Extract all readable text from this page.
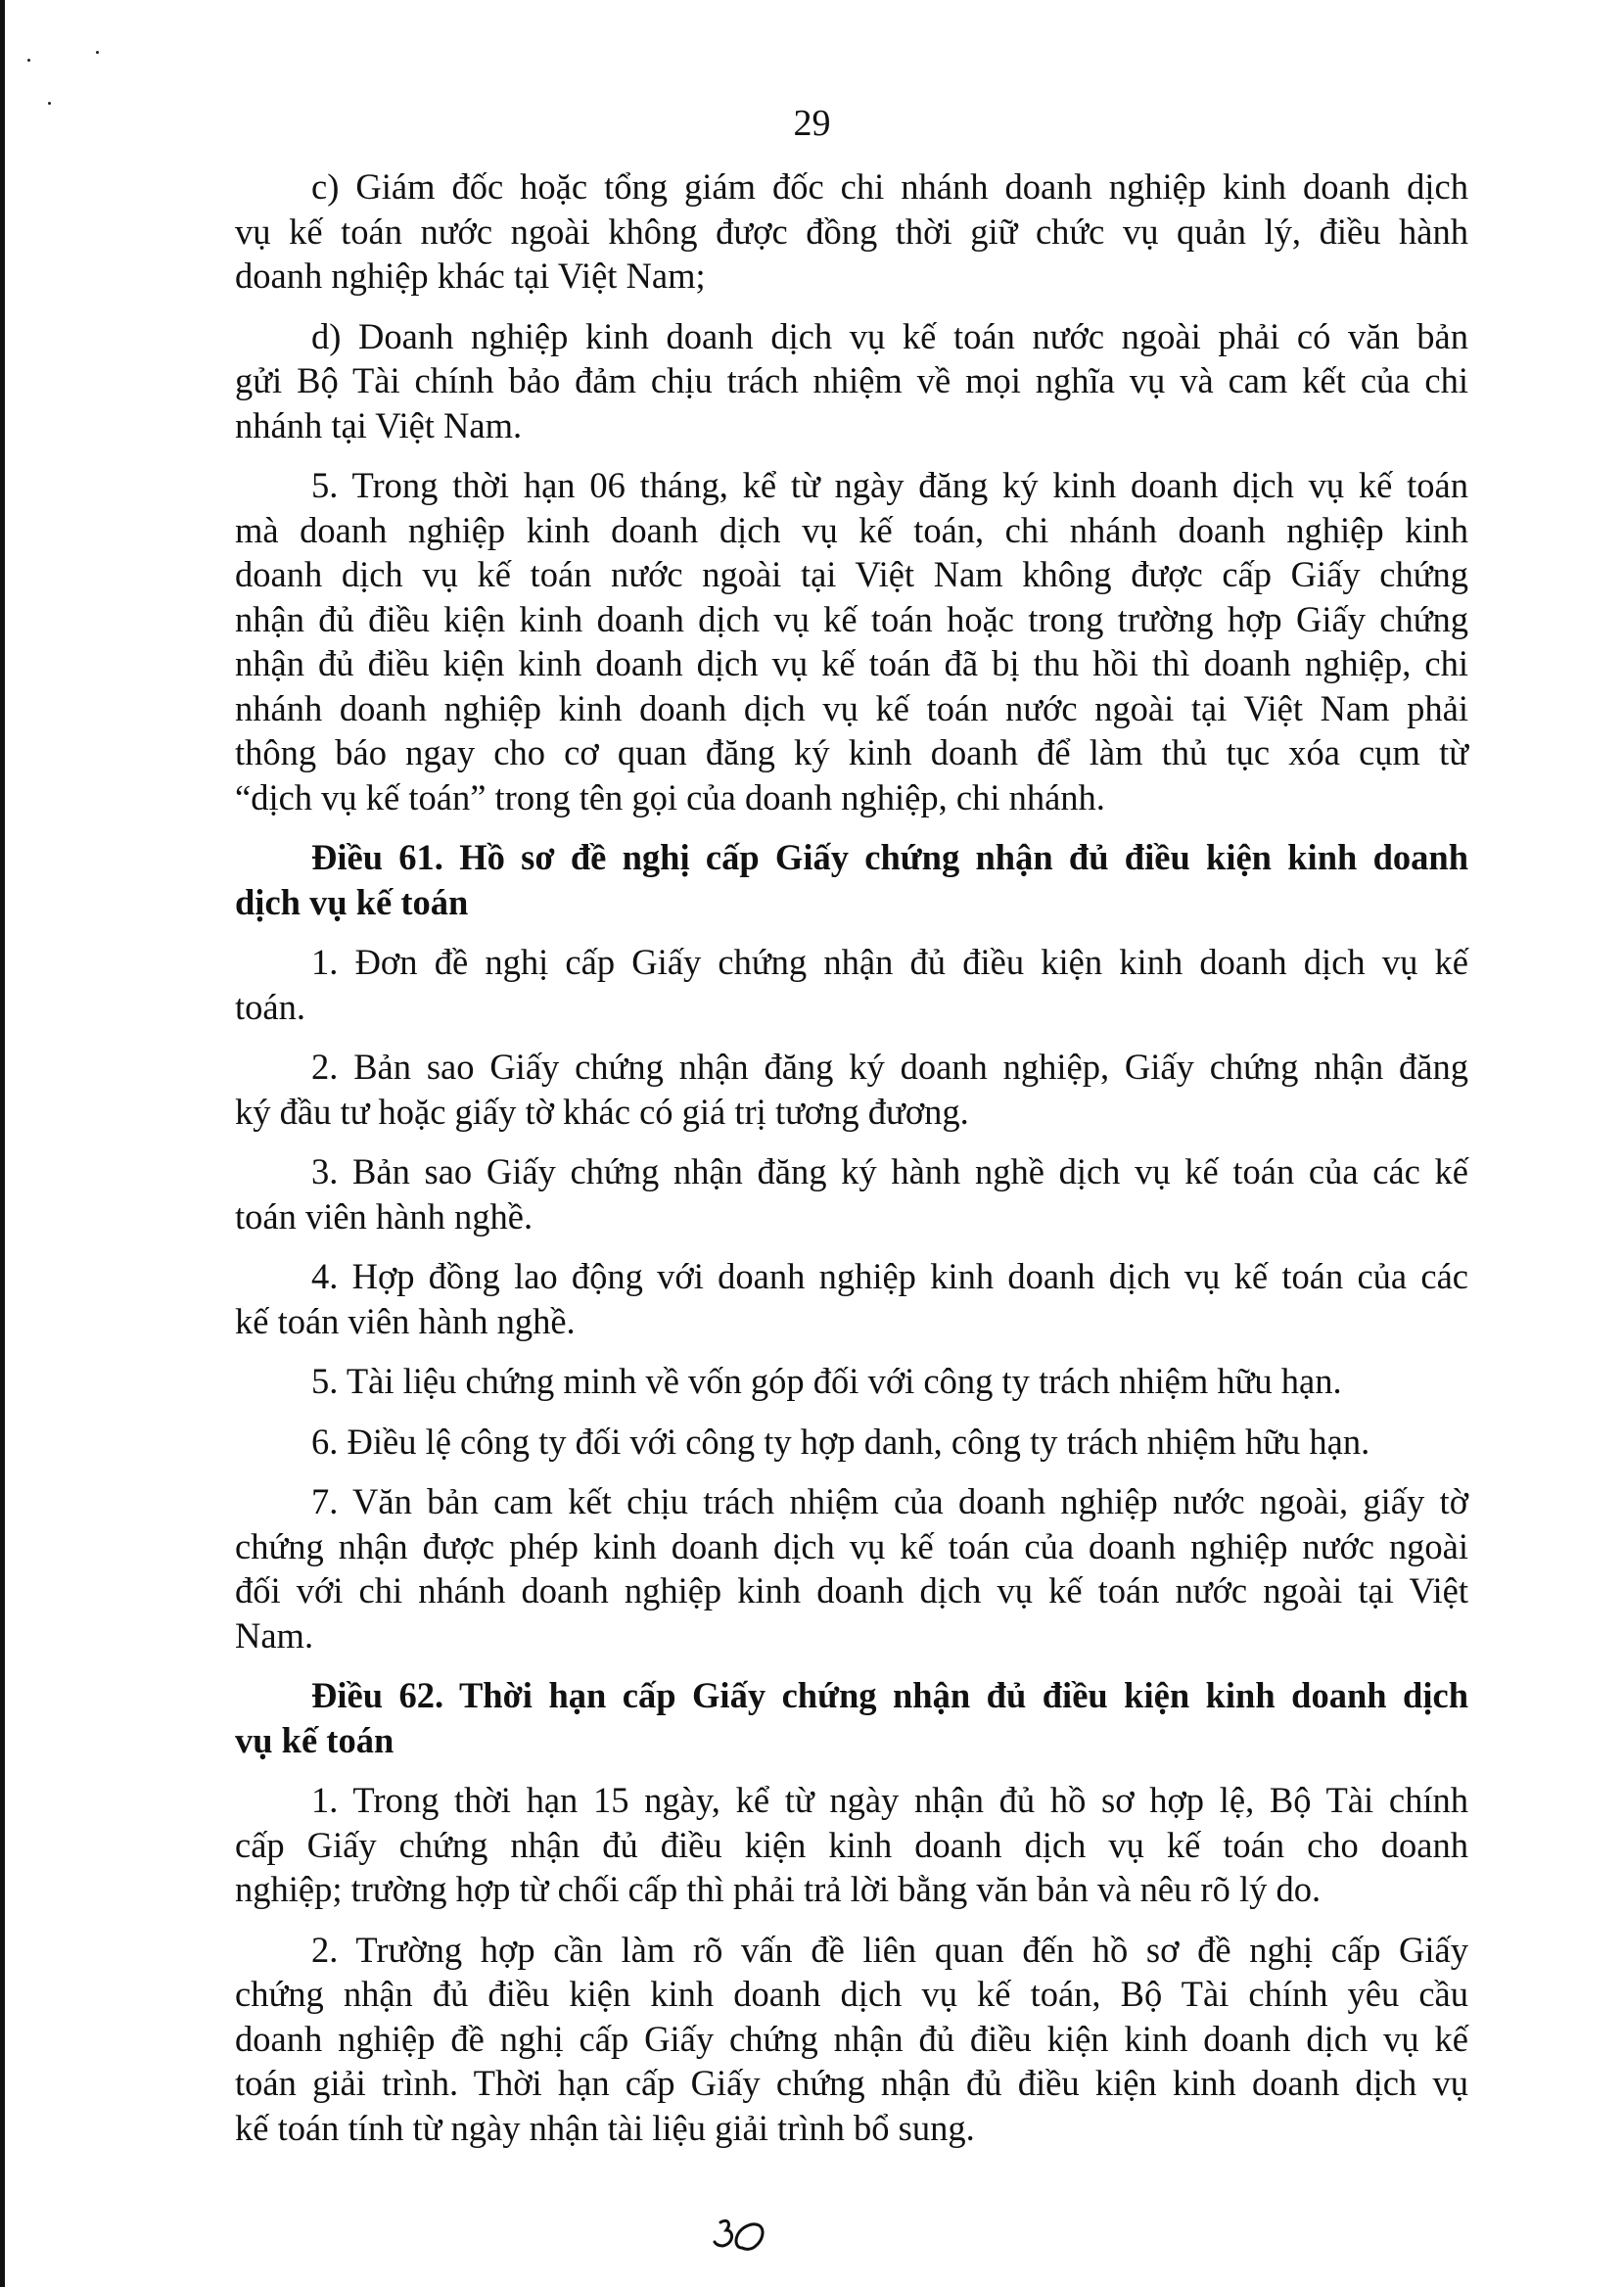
29
c) Giám đốc hoặc tổng giám đốc chi nhánh doanh nghiệp kinh doanh dịch
vụ kế toán nước ngoài không được đồng thời giữ chức vụ quản lý, điều hành
doanh nghiệp khác tại Việt Nam;
d) Doanh nghiệp kinh doanh dịch vụ kế toán nước ngoài phải có văn bản
gửi Bộ Tài chính bảo đảm chịu trách nhiệm về mọi nghĩa vụ và cam kết của chi
nhánh tại Việt Nam.
5. Trong thời hạn 06 tháng, kể từ ngày đăng ký kinh doanh dịch vụ kế toán
mà doanh nghiệp kinh doanh dịch vụ kế toán, chi nhánh doanh nghiệp kinh
doanh dịch vụ kế toán nước ngoài tại Việt Nam không được cấp Giấy chứng
nhận đủ điều kiện kinh doanh dịch vụ kế toán hoặc trong trường hợp Giấy chứng
nhận đủ điều kiện kinh doanh dịch vụ kế toán đã bị thu hồi thì doanh nghiệp, chi
nhánh doanh nghiệp kinh doanh dịch vụ kế toán nước ngoài tại Việt Nam phải
thông báo ngay cho cơ quan đăng ký kinh doanh để làm thủ tục xóa cụm từ
“dịch vụ kế toán” trong tên gọi của doanh nghiệp, chi nhánh.
Điều 61. Hồ sơ đề nghị cấp Giấy chứng nhận đủ điều kiện kinh doanh
dịch vụ kế toán
1. Đơn đề nghị cấp Giấy chứng nhận đủ điều kiện kinh doanh dịch vụ kế
toán.
2. Bản sao Giấy chứng nhận đăng ký doanh nghiệp, Giấy chứng nhận đăng
ký đầu tư hoặc giấy tờ khác có giá trị tương đương.
3. Bản sao Giấy chứng nhận đăng ký hành nghề dịch vụ kế toán của các kế
toán viên hành nghề.
4. Hợp đồng lao động với doanh nghiệp kinh doanh dịch vụ kế toán của các
kế toán viên hành nghề.
5. Tài liệu chứng minh về vốn góp đối với công ty trách nhiệm hữu hạn.
6. Điều lệ công ty đối với công ty hợp danh, công ty trách nhiệm hữu hạn.
7. Văn bản cam kết chịu trách nhiệm của doanh nghiệp nước ngoài, giấy tờ
chứng nhận được phép kinh doanh dịch vụ kế toán của doanh nghiệp nước ngoài
đối với chi nhánh doanh nghiệp kinh doanh dịch vụ kế toán nước ngoài tại Việt
Nam.
Điều 62. Thời hạn cấp Giấy chứng nhận đủ điều kiện kinh doanh dịch
vụ kế toán
1. Trong thời hạn 15 ngày, kể từ ngày nhận đủ hồ sơ hợp lệ, Bộ Tài chính
cấp Giấy chứng nhận đủ điều kiện kinh doanh dịch vụ kế toán cho doanh
nghiệp; trường hợp từ chối cấp thì phải trả lời bằng văn bản và nêu rõ lý do.
2. Trường hợp cần làm rõ vấn đề liên quan đến hồ sơ đề nghị cấp Giấy
chứng nhận đủ điều kiện kinh doanh dịch vụ kế toán, Bộ Tài chính yêu cầu
doanh nghiệp đề nghị cấp Giấy chứng nhận đủ điều kiện kinh doanh dịch vụ kế
toán giải trình. Thời hạn cấp Giấy chứng nhận đủ điều kiện kinh doanh dịch vụ
kế toán tính từ ngày nhận tài liệu giải trình bổ sung.
